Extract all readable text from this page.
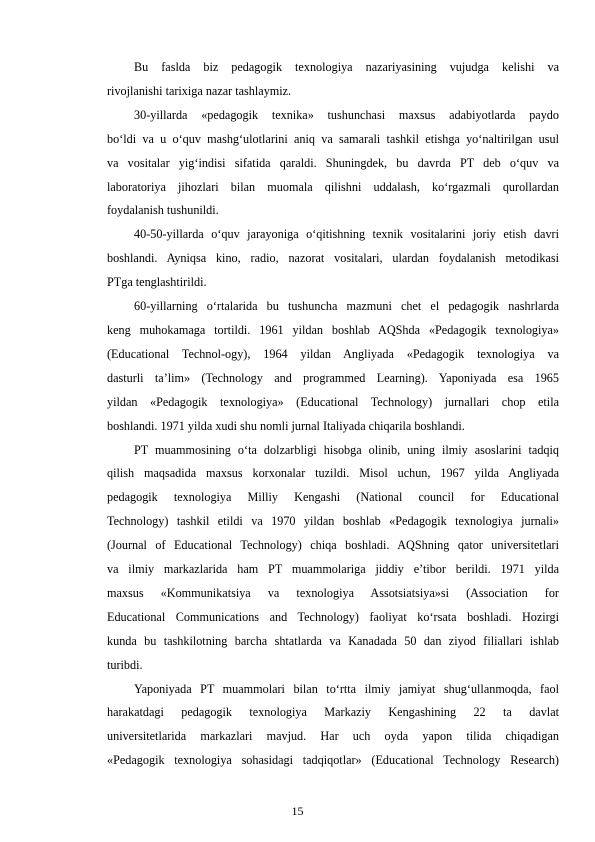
Bu faslda biz pedagogik texnologiya nazariyasining vujudga kelishi va
rivojlanishi tarixiga nazar tashlaymiz.
30-yillarda «pedagogik texnika» tushunchasi maxsus adabiyotlarda paydo
bo‘ldi va u o‘quv mashg‘ulotlarini aniq va samarali tashkil etishga yo‘naltirilgan usul
va vositalar yig‘indisi sifatida qaraldi. Shuningdek, bu davrda PT deb o‘quv va
laboratoriya jihozlari bilan muomala qilishni uddalash, ko‘rgazmali qurollardan
foydalanish tushunildi.
40-50-yillarda o‘quv jarayoniga o‘qitishning texnik vositalarini joriy etish davri
boshlandi. Ayniqsa kino, radio, nazorat vositalari, ulardan foydalanish metodikasi
PTga tenglashtirildi.
60-yillarning o‘rtalarida bu tushuncha mazmuni chet el pedagogik nashrlarda
keng muhokamaga tortildi. 1961 yildan boshlab AQShda «Pedagogik texnologiya»
(Educational Technol-ogy), 1964 yildan Angliyada «Pedagogik texnologiya va
dasturli ta’lim» (Technology and programmed Learning). Yaponiyada esa 1965
yildan «Pedagogik texnologiya» (Educational Technology) jurnallari chop etila
boshlandi. 1971 yilda xudi shu nomli jurnal Italiyada chiqarila boshlandi.
PT muammosining o‘ta dolzarbligi hisobga olinib, uning ilmiy asoslarini tadqiq
qilish maqsadida maxsus korxonalar tuzildi. Misol uchun, 1967 yilda Angliyada
pedagogik texnologiya Milliy Kengashi (National council for Educational
Technology) tashkil etildi va 1970 yildan boshlab «Pedagogik texnologiya jurnali»
(Journal of Educational Technology) chiqa boshladi. AQShning qator universitetlari
va ilmiy markazlarida ham PT muammolariga jiddiy e’tibor berildi. 1971 yilda
maxsus «Kommunikatsiya va texnologiya Assotsiatsiya»si (Association for
Educational Communications and Technology) faoliyat ko‘rsata boshladi. Hozirgi
kunda bu tashkilotning barcha shtatlarda va Kanadada 50 dan ziyod filiallari ishlab
turibdi.
Yaponiyada PT muammolari bilan to‘rtta ilmiy jamiyat shug‘ullanmoqda, faol
harakatdagi pedagogik texnologiya Markaziy Kengashining 22 ta davlat
universitetlarida markazlari mavjud. Har uch oyda yapon tilida chiqadigan
«Pedagogik texnologiya sohasidagi tadqiqotlar» (Educational Technology Research)
15
